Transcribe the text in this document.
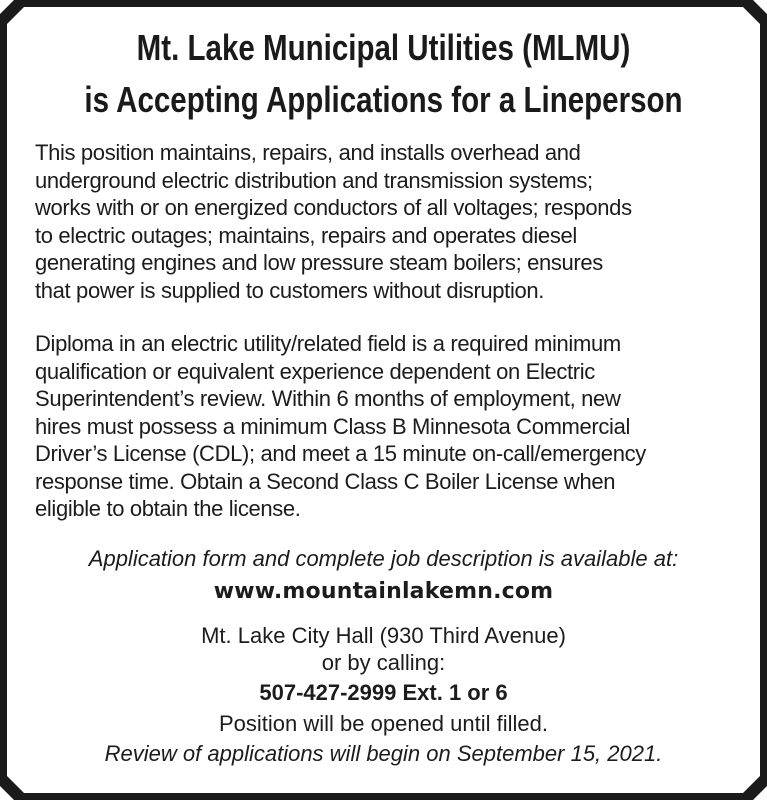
Mt. Lake Municipal Utilities (MLMU)
is Accepting Applications for a Lineperson
This position maintains, repairs, and installs overhead and
underground electric distribution and transmission systems;
works with or on energized conductors of all voltages; responds
to electric outages; maintains, repairs and operates diesel
generating engines and low pressure steam boilers; ensures
that power is supplied to customers without disruption.
Diploma in an electric utility/related field is a required minimum
qualification or equivalent experience dependent on Electric
Superintendent’s review. Within 6 months of employment, new
hires must possess a minimum Class B Minnesota Commercial
Driver’s License (CDL); and meet a 15 minute on-call/emergency
response time. Obtain a Second Class C Boiler License when
eligible to obtain the license.
Application form and complete job description is available at:
www.mountainlakemn.com
Mt. Lake City Hall (930 Third Avenue)
or by calling:
507-427-2999 Ext. 1 or 6
Position will be opened until filled.
Review of applications will begin on September 15, 2021.
